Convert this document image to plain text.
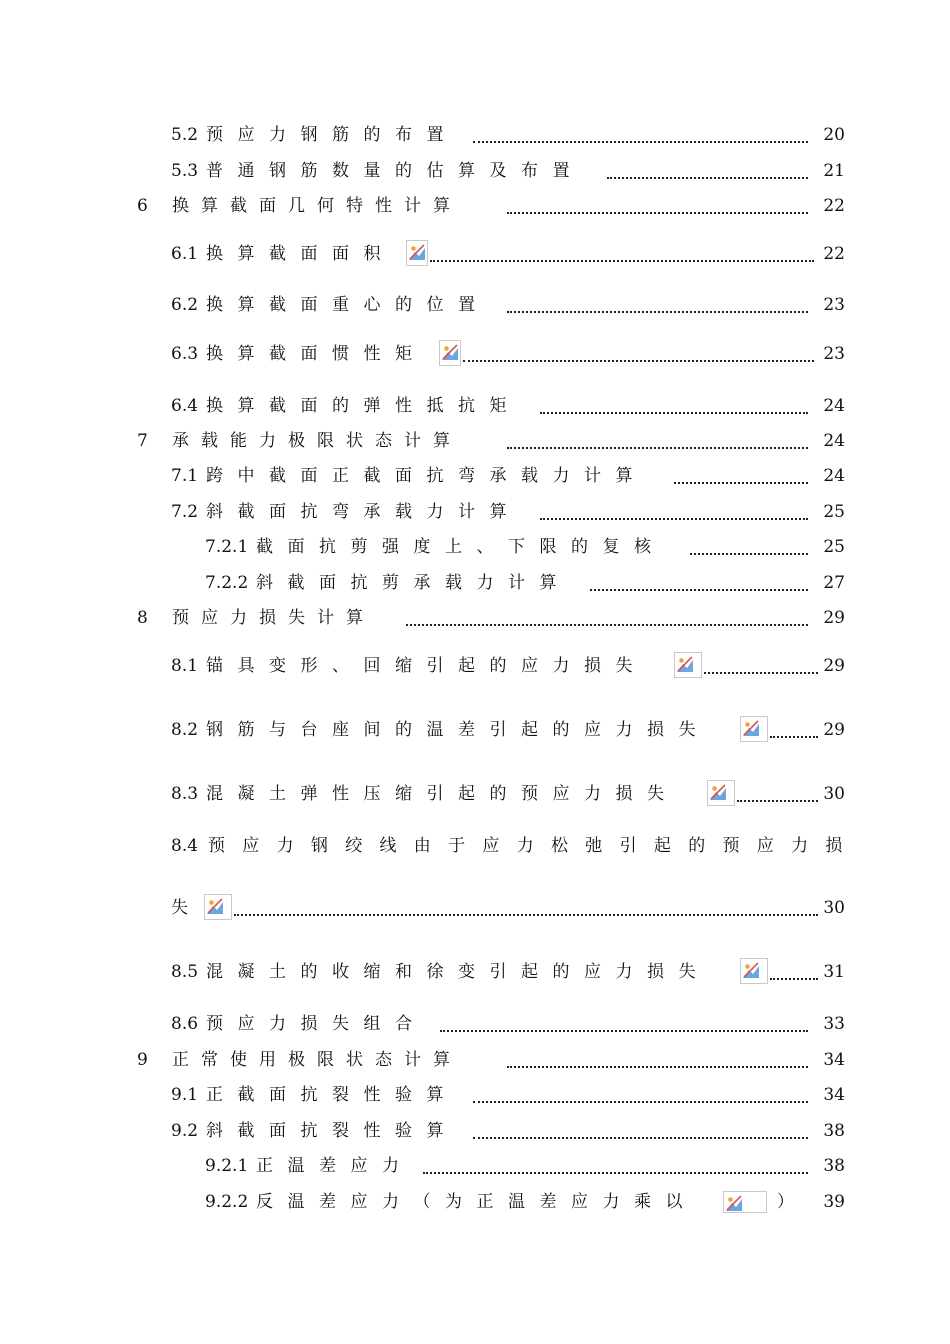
5.2 预应力钢筋的布置	20
5.3 普通钢筋数量的估算及布置	21
6 换算截面几何特性计算	22
6.1 换算截面面积	22
6.2 换算截面重心的位置	23
6.3 换算截面惯性矩	23
6.4 换算截面的弹性抵抗矩	24
7 承载能力极限状态计算	24
7.1 跨中截面正截面抗弯承载力计算	24
7.2 斜截面抗弯承载力计算	25
7.2.1 截面抗剪强度上、下限的复核	25
7.2.2 斜截面抗剪承载力计算	27
8 预应力损失计算	29
8.1 锚具变形、回缩引起的应力损失	29
8.2 钢筋与台座间的温差引起的应力损失	29
8.3 混凝土弹性压缩引起的预应力损失	30
8.4 预应力钢绞线由于应力松弛引起的预应力损
失	30
8.5 混凝土的收缩和徐变引起的应力损失	31
8.6 预应力损失组合	33
9 正常使用极限状态计算	34
9.1 正截面抗裂性验算	34
9.2 斜截面抗裂性验算	38
9.2.1 正温差应力	38
9.2.2 反温差应力（为正温差应力乘以	） 39
